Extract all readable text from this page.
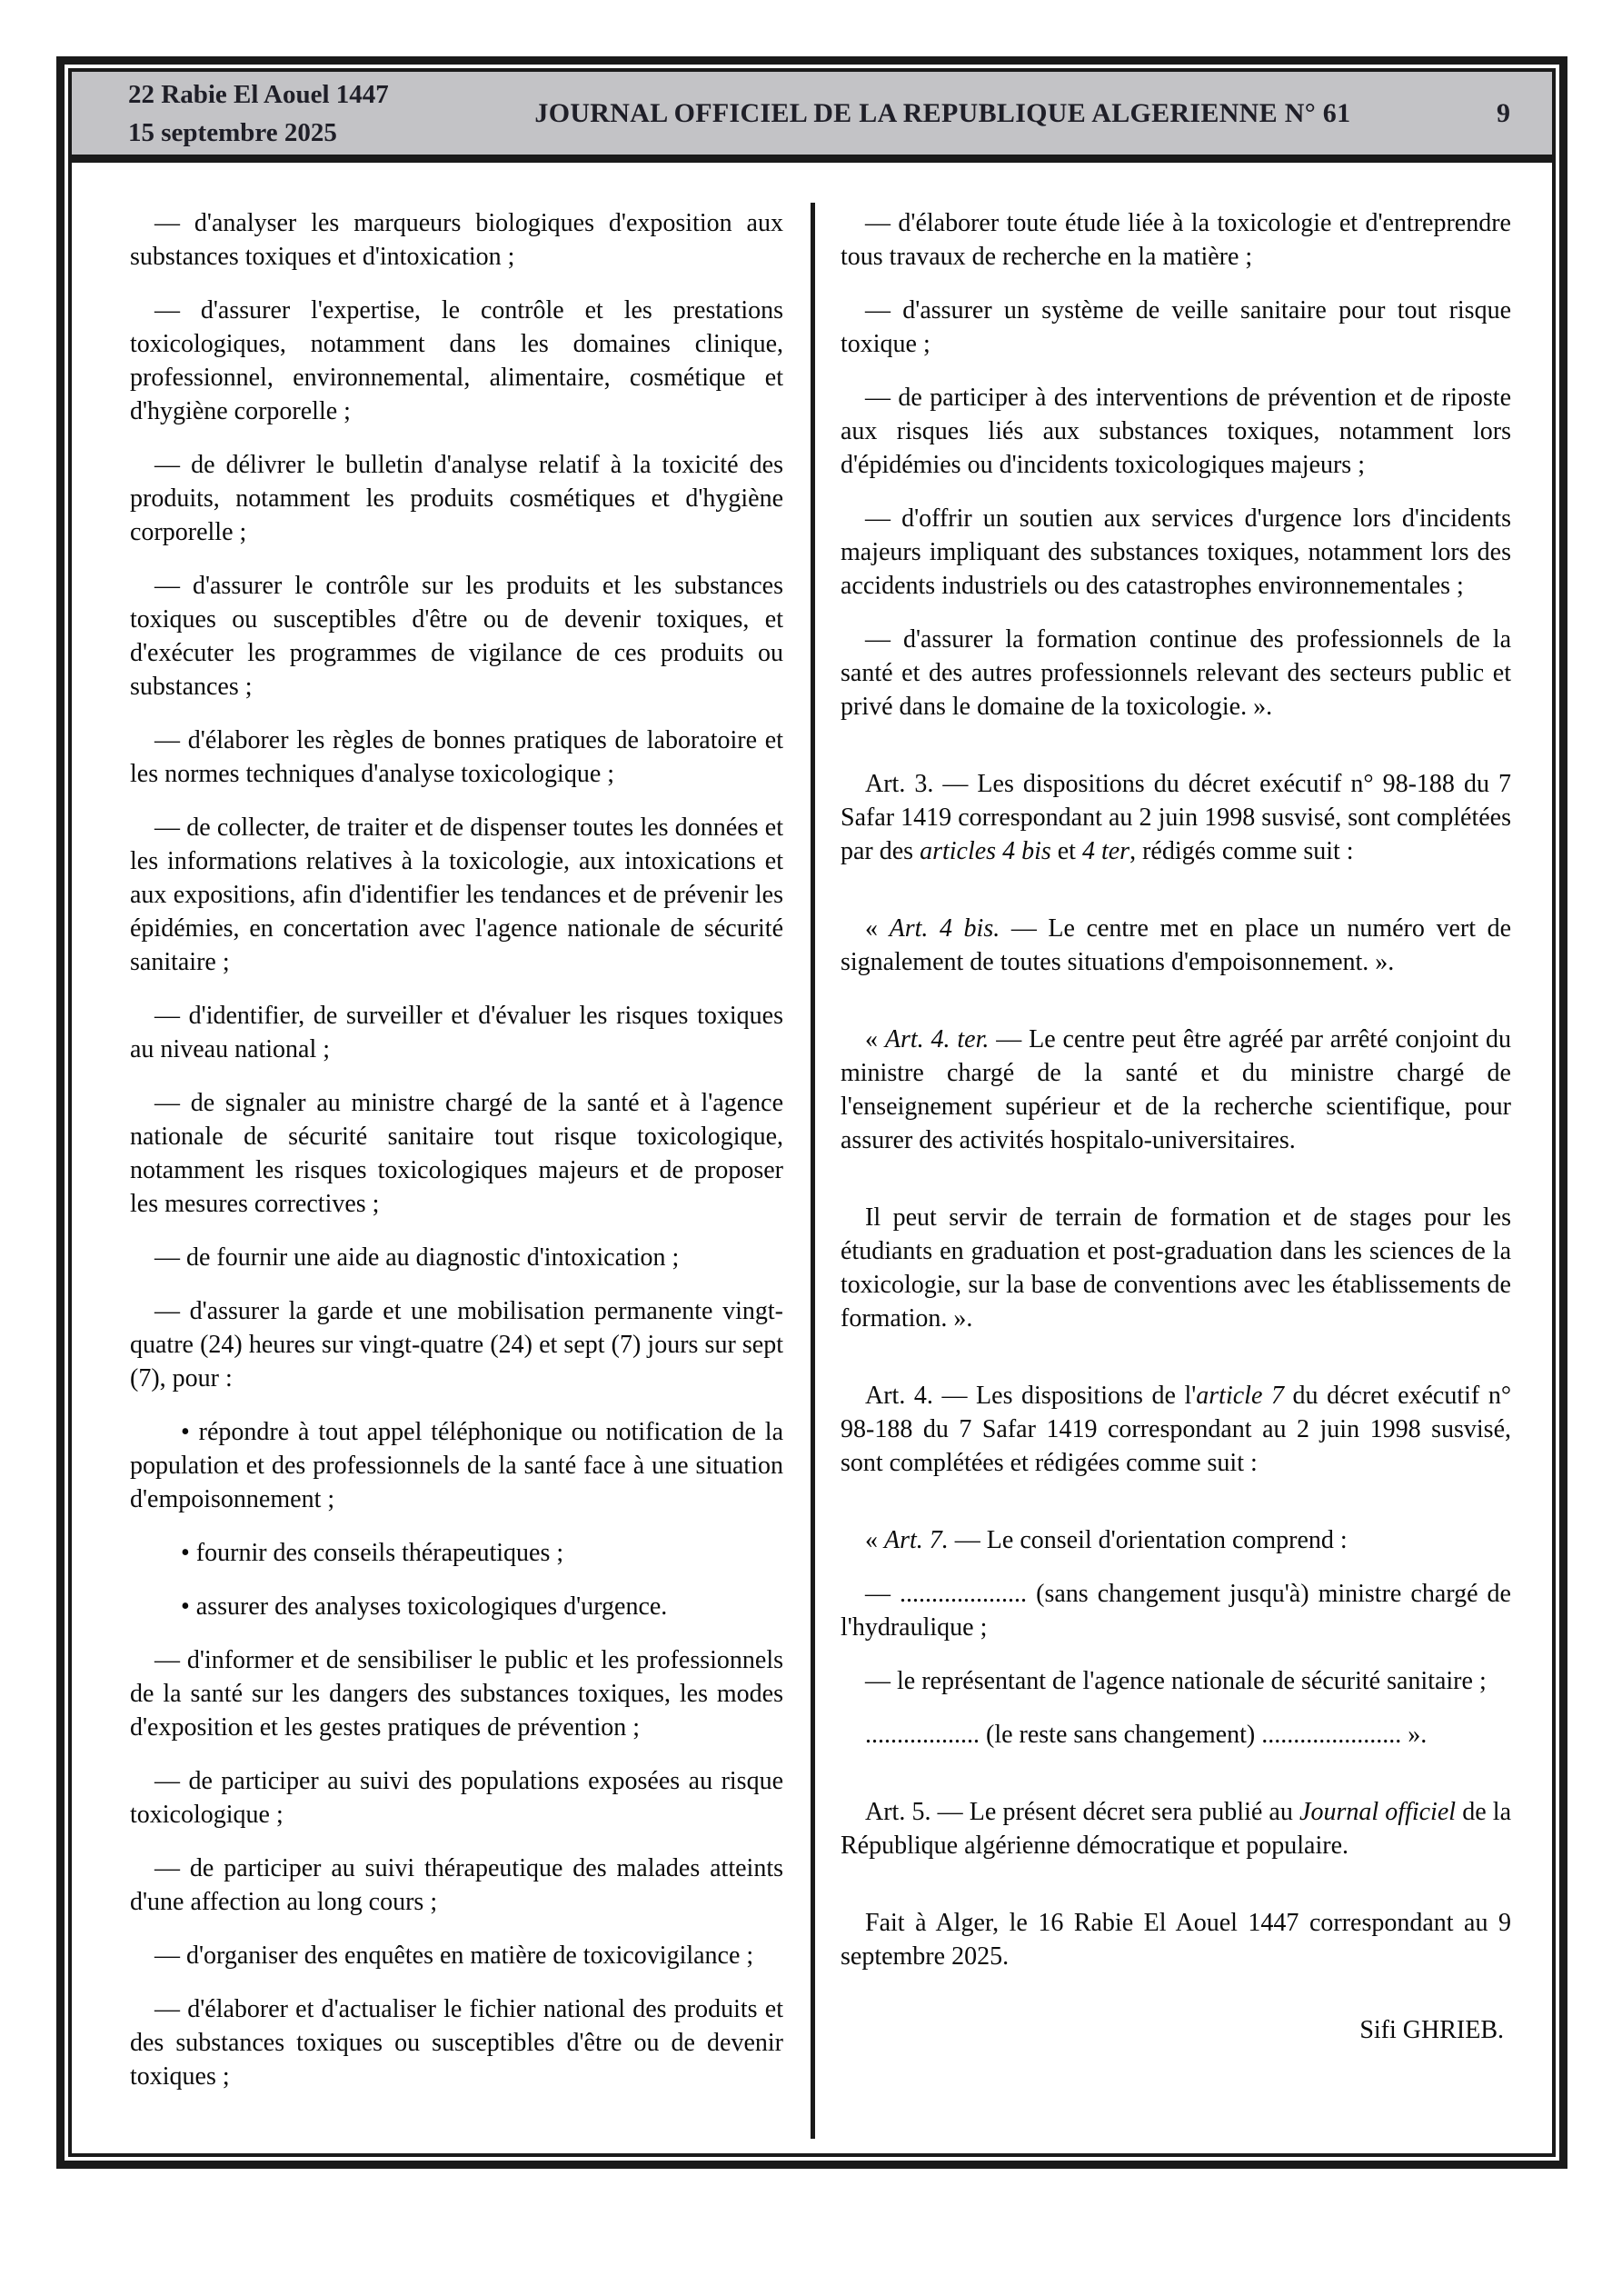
22 Rabie El Aouel 1447
15 septembre 2025
JOURNAL OFFICIEL DE LA REPUBLIQUE ALGERIENNE N° 61	9

— d'analyser les marqueurs biologiques d'exposition aux substances toxiques et d'intoxication ;

— d'assurer l'expertise, le contrôle et les prestations toxicologiques, notamment dans les domaines clinique, professionnel, environnemental, alimentaire, cosmétique et d'hygiène corporelle ;

— de délivrer le bulletin d'analyse relatif à la toxicité des produits, notamment les produits cosmétiques et d'hygiène corporelle ;

— d'assurer le contrôle sur les produits et les substances toxiques ou susceptibles d'être ou de devenir toxiques, et d'exécuter les programmes de vigilance de ces produits ou substances ;

— d'élaborer les règles de bonnes pratiques de laboratoire et les normes techniques d'analyse toxicologique ;

— de collecter, de traiter et de dispenser toutes les données et les informations relatives à la toxicologie, aux intoxications et aux expositions, afin d'identifier les tendances et de prévenir les épidémies, en concertation avec l'agence nationale de sécurité sanitaire ;

— d'identifier, de surveiller et d'évaluer les risques toxiques au niveau national ;

— de signaler au ministre chargé de la santé et à l'agence nationale de sécurité sanitaire tout risque toxicologique, notamment les risques toxicologiques majeurs et de proposer les mesures correctives ;

— de fournir une aide au diagnostic d'intoxication ;

— d'assurer la garde et une mobilisation permanente vingt-quatre (24) heures sur vingt-quatre (24) et sept (7) jours sur sept (7), pour :

• répondre à tout appel téléphonique ou notification de la population et des professionnels de la santé face à une situation d'empoisonnement ;

• fournir des conseils thérapeutiques ;

• assurer des analyses toxicologiques d'urgence.

— d'informer et de sensibiliser le public et les professionnels de la santé sur les dangers des substances toxiques, les modes d'exposition et les gestes pratiques de prévention ;

— de participer au suivi des populations exposées au risque toxicologique ;

— de participer au suivi thérapeutique des malades atteints d'une affection au long cours ;

— d'organiser des enquêtes en matière de toxicovigilance ;

— d'élaborer et d'actualiser le fichier national des produits et des substances toxiques ou susceptibles d'être ou de devenir toxiques ;

— d'élaborer toute étude liée à la toxicologie et d'entreprendre tous travaux de recherche en la matière ;

— d'assurer un système de veille sanitaire pour tout risque toxique ;

— de participer à des interventions de prévention et de riposte aux risques liés aux substances toxiques, notamment lors d'épidémies ou d'incidents toxicologiques majeurs ;

— d'offrir un soutien aux services d'urgence lors d'incidents majeurs impliquant des substances toxiques, notamment lors des accidents industriels ou des catastrophes environnementales ;

— d'assurer la formation continue des professionnels de la santé et des autres professionnels relevant des secteurs public et privé dans le domaine de la toxicologie. ».

Art. 3. — Les dispositions du décret exécutif n° 98-188 du 7 Safar 1419 correspondant au 2 juin 1998 susvisé, sont complétées par des articles 4 bis et 4 ter, rédigés comme suit :

« Art. 4 bis. — Le centre met en place un numéro vert de signalement de toutes situations d'empoisonnement. ».

« Art. 4. ter. — Le centre peut être agréé par arrêté conjoint du ministre chargé de la santé et du ministre chargé de l'enseignement supérieur et de la recherche scientifique, pour assurer des activités hospitalo-universitaires.

Il peut servir de terrain de formation et de stages pour les étudiants en graduation et post-graduation dans les sciences de la toxicologie, sur la base de conventions avec les établissements de formation. ».

Art. 4. — Les dispositions de l'article 7 du décret exécutif n° 98-188 du 7 Safar 1419 correspondant au 2 juin 1998 susvisé, sont complétées et rédigées comme suit :

« Art. 7. — Le conseil d'orientation comprend :

— .................... (sans changement jusqu'à) ministre chargé de l'hydraulique ;

— le représentant de l'agence nationale de sécurité sanitaire ;

.................. (le reste sans changement) ...................... ».

Art. 5. — Le présent décret sera publié au Journal officiel de la République algérienne démocratique et populaire.

Fait à Alger, le 16 Rabie El Aouel 1447 correspondant au 9 septembre 2025.

Sifi GHRIEB.
